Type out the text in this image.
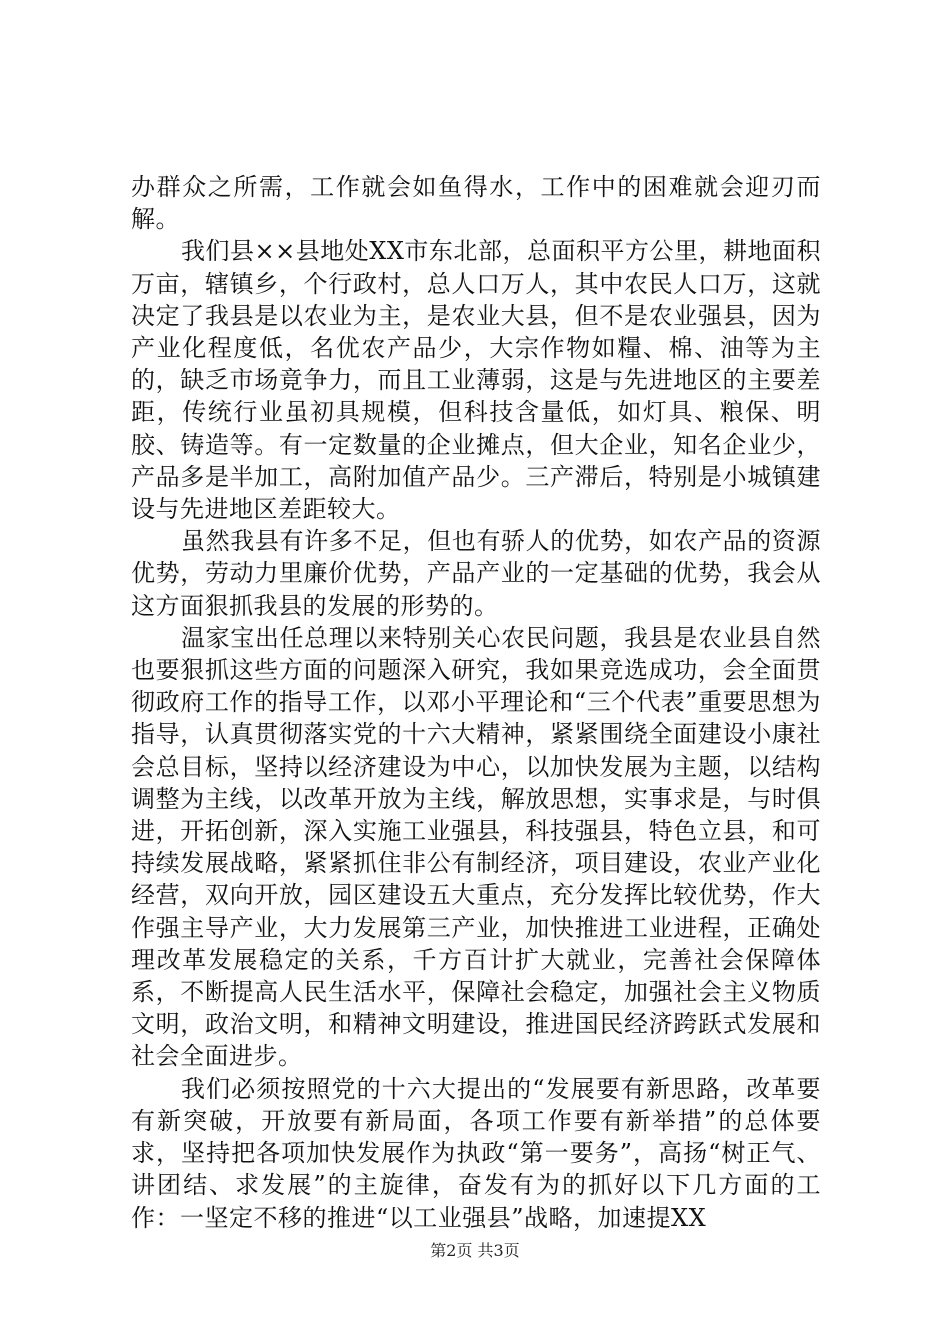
办群众之所需，工作就会如鱼得水，工作中的困难就会迎刃而解。

我们县××县地处XX市东北部，总面积平方公里，耕地面积万亩，辖镇乡，个行政村，总人口万人，其中农民人口万，这就决定了我县是以农业为主，是农业大县，但不是农业强县，因为产业化程度低，名优农产品少，大宗作物如糧、棉、油等为主的，缺乏市场竟争力，而且工业薄弱，这是与先进地区的主要差距，传统行业虽初具规模，但科技含量低，如灯具、粮保、明胶、铸造等。有一定数量的企业摊点，但大企业，知名企业少，产品多是半加工，高附加值产品少。三产滞后，特别是小城镇建设与先进地区差距较大。

虽然我县有许多不足，但也有骄人的优势，如农产品的资源优势，劳动力里廉价优势，产品产业的一定基础的优势，我会从这方面狠抓我县的发展的形势的。

温家宝出任总理以来特别关心农民问题，我县是农业县自然也要狠抓这些方面的问题深入研究，我如果竞选成功，会全面贯彻政府工作的指导工作，以邓小平理论和“三个代表”重要思想为指导，认真贯彻落实党的十六大精神，紧紧围绕全面建设小康社会总目标，坚持以经济建设为中心，以加快发展为主题，以结构调整为主线，以改革开放为主线，解放思想，实事求是，与时俱进，开拓创新，深入实施工业强县，科技强县，特色立县，和可持续发展战略，紧紧抓住非公有制经济，项目建设，农业产业化经营，双向开放，园区建设五大重点，充分发挥比较优势，作大作强主导产业，大力发展第三产业，加快推进工业进程，正确处理改革发展稳定的关系，千方百计扩大就业，完善社会保障体系，不断提高人民生活水平，保障社会稳定，加强社会主义物质文明，政治文明，和精神文明建设，推进国民经济跨跃式发展和社会全面进步。

我们必须按照党的十六大提出的“发展要有新思路，改革要有新突破，开放要有新局面，各项工作要有新举措”的总体要求，坚持把各项加快发展作为执政“第一要务”，高扬“树正气、讲团结、求发展”的主旋律，奋发有为的抓好以下几方面的工作：一坚定不移的推进“以工业强县”战略，加速提XX

第2页 共3页
